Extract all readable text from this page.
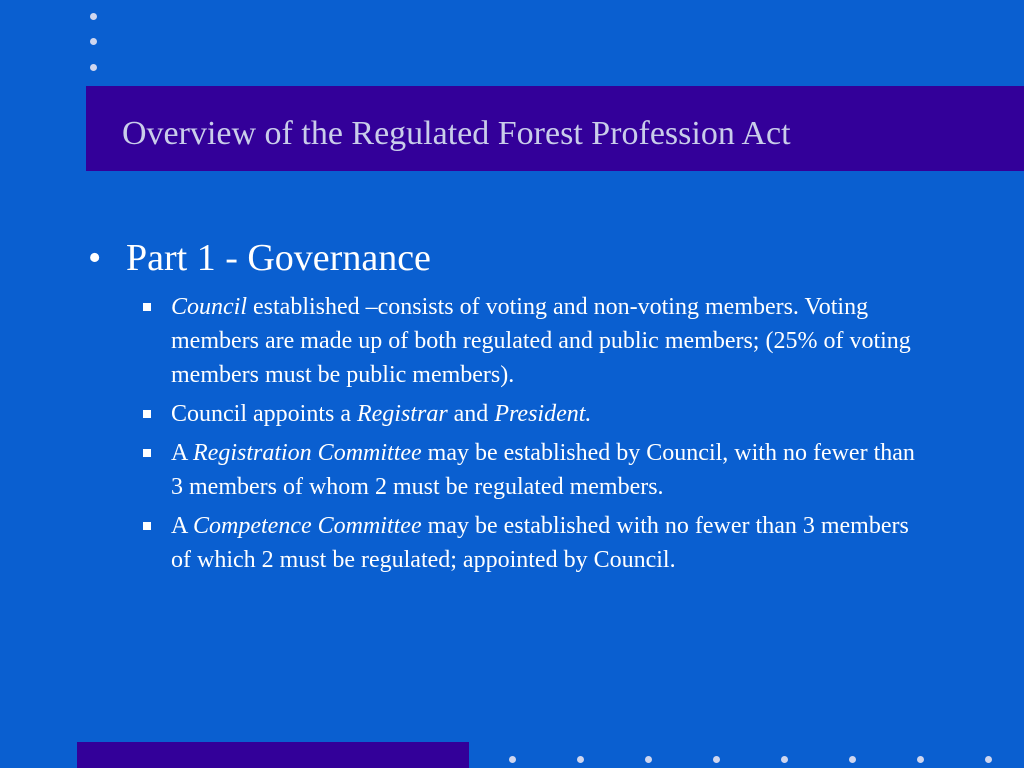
Overview of the Regulated Forest Profession Act
• Part 1 - Governance
Council established –consists of voting and non-voting members. Voting members are made up of both regulated and public members; (25% of voting members must be public members).
Council appoints a Registrar and President.
A Registration Committee may be established by Council, with no fewer than 3 members of whom 2 must be regulated members.
A Competence Committee may be established with no fewer than 3 members of which 2 must be regulated; appointed by Council.
